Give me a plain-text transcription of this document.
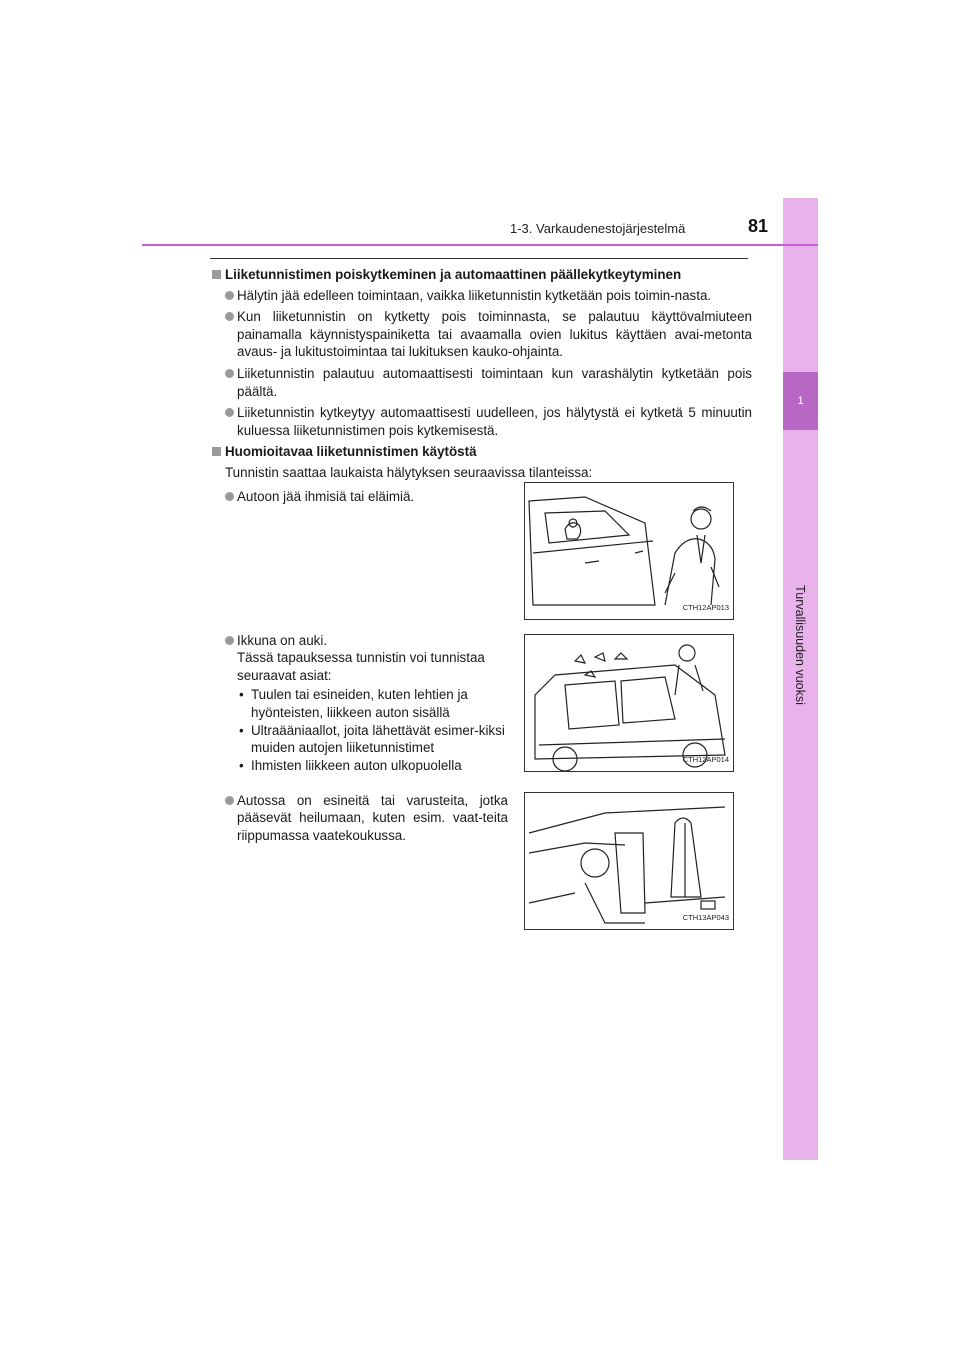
1
Turvallisuuden vuoksi
1-3. Varkaudenestojärjestelmä	81
Liiketunnistimen poiskytkeminen ja automaattinen päällekytkeytyminen
Hälytin jää edelleen toimintaan, vaikka liiketunnistin kytketään pois toimin-nasta.
Kun liiketunnistin on kytketty pois toiminnasta, se palautuu käyttövalmiuteen painamalla käynnistyspainiketta tai avaamalla ovien lukitus käyttäen avai-metonta avaus- ja lukitustoimintaa tai lukituksen kauko-ohjainta.
Liiketunnistin palautuu automaattisesti toimintaan kun varashälytin kytketään pois päältä.
Liiketunnistin kytkeytyy automaattisesti uudelleen, jos hälytystä ei kytketä 5 minuutin kuluessa liiketunnistimen pois kytkemisestä.
Huomioitavaa liiketunnistimen käytöstä
Tunnistin saattaa laukaista hälytyksen seuraavissa tilanteissa:
Autoon jää ihmisiä tai eläimiä.
CTH12AP013
Ikkuna on auki.
Tässä tapauksessa tunnistin voi tunnistaa seuraavat asiat:
• Tuulen tai esineiden, kuten lehtien ja hyönteisten, liikkeen auton sisällä
• Ultraääniaallot, joita lähettävät esimer-kiksi muiden autojen liiketunnistimet
• Ihmisten liikkeen auton ulkopuolella	CTH12AP014
Autossa on esineitä tai varusteita, jotka pääsevät heilumaan, kuten esim. vaat-teita riippumassa vaatekoukussa.
CTH13AP043
